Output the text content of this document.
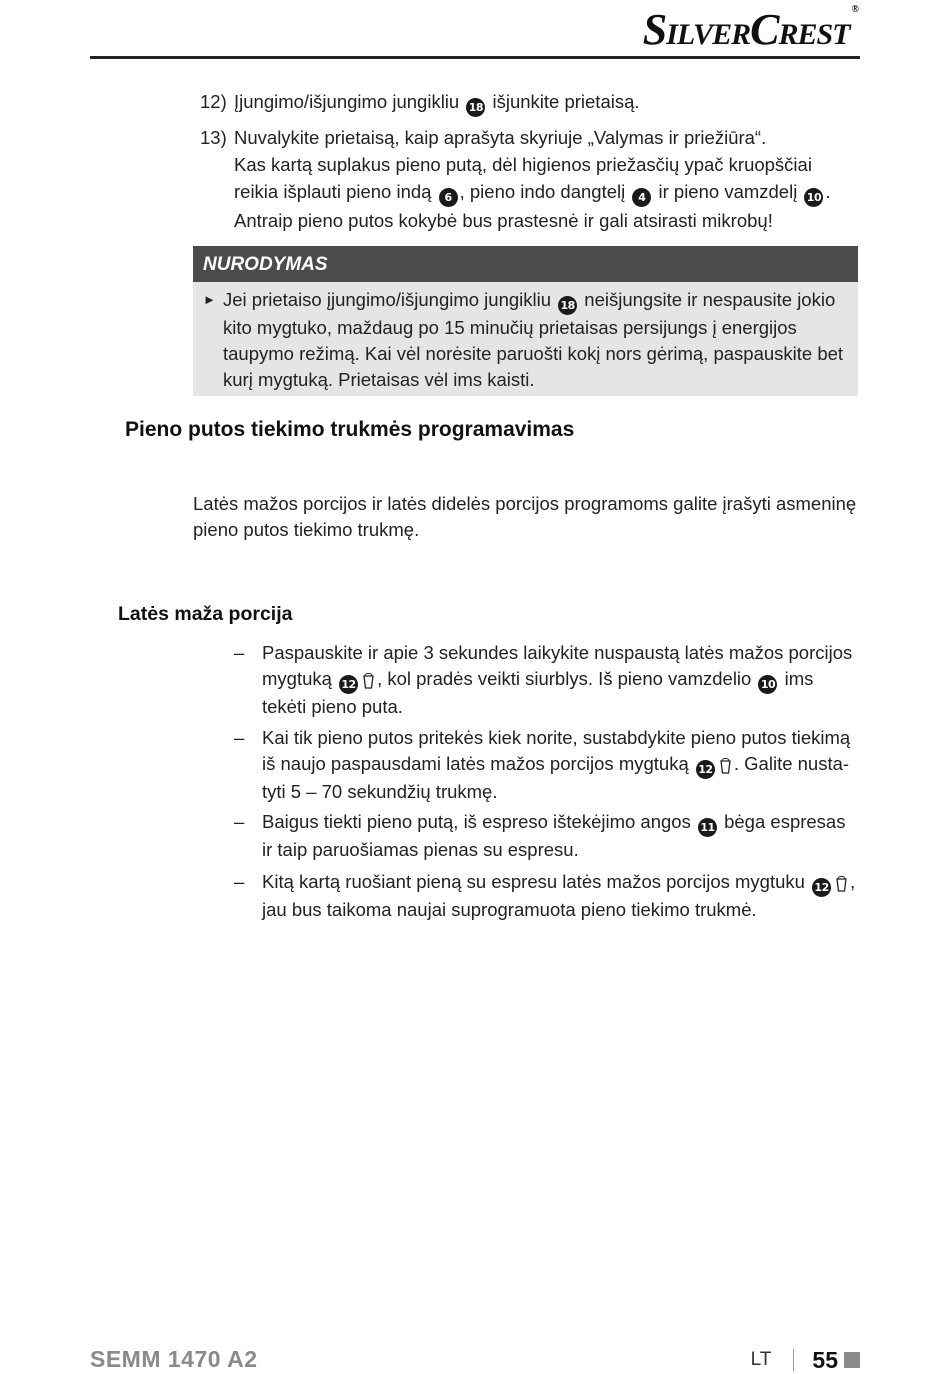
SILVERCREST®
12) Įjungimo/išjungimo jungikliu 18 išjunkite prietaisą.
13) Nuvalykite prietaisą, kaip aprašyta skyriuje „Valymas ir priežiūra“.
Kas kartą suplakus pieno putą, dėl higienos priežasčių ypač kruopščiai reikia išplauti pieno indą 6 , pieno indo dangtelį 4 ir pieno vamzdelį 10 .
Antraip pieno putos kokybė bus prastesnė ir gali atsirasti mikrobų!
NURODYMAS
► Jei prietaiso įjungimo/išjungimo jungikliu 18 neišjungsite ir nespausite jokio kito mygtuko, maždaug po 15 minučių prietaisas persijungs į energijos taupymo režimą. Kai vėl norėsite paruošti kokį nors gėrimą, paspauskite bet kurį mygtuką. Prietaisas vėl ims kaisti.
Pieno putos tiekimo trukmės programavimas
Latės mažos porcijos ir latės didelės porcijos programoms galite įrašyti asmeninę pieno putos tiekimo trukmę.
Latės maža porcija
– Paspauskite ir apie 3 sekundes laikykite nuspaustą latės mažos porcijos mygtuką 12 , kol pradės veikti siurblys. Iš pieno vamzdelio 10 ims tekėti pieno puta.
– Kai tik pieno putos pritekės kiek norite, sustabdykite pieno putos tiekimą iš naujo paspausdami latės mažos porcijos mygtuką 12 . Galite nusta-tyti 5 – 70 sekundžių trukmę.
– Baigus tiekti pieno putą, iš espreso ištekėjimo angos 11 bėga espresas ir taip paruošiamas pienas su espresu.
– Kitą kartą ruošiant pieną su espresu latės mažos porcijos mygtuku 12 , jau bus taikoma naujai suprogramuota pieno tiekimo trukmė.
SEMM 1470 A2	LT 55
